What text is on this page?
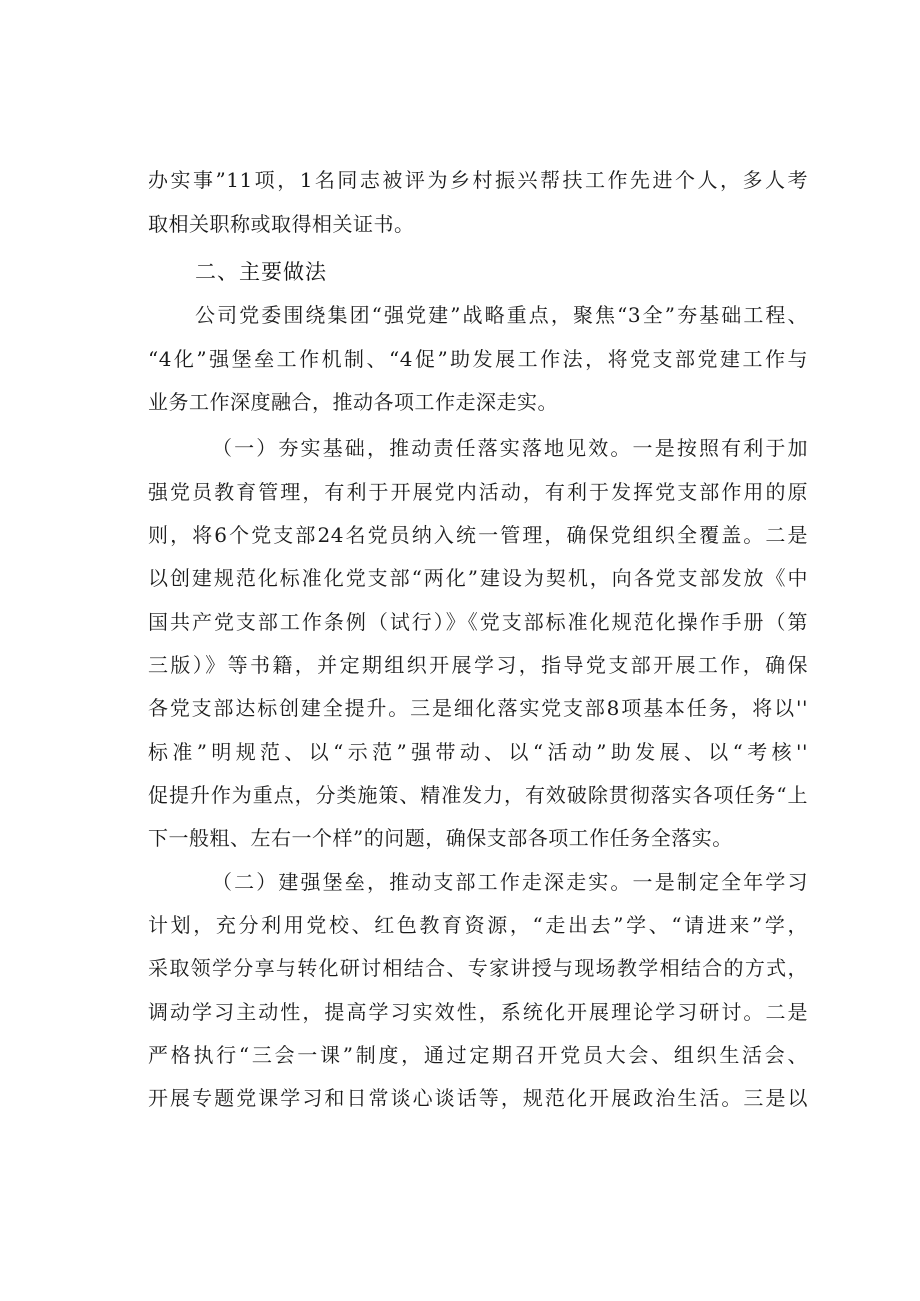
办实事”11项，1名同志被评为乡村振兴帮扶工作先进个人，多人考
取相关职称或取得相关证书。
二、主要做法
公司党委围绕集团“强党建”战略重点，聚焦“3全”夯基础工程、
“4化”强堡垒工作机制、“4促”助发展工作法，将党支部党建工作与
业务工作深度融合，推动各项工作走深走实。
（一）夯实基础，推动责任落实落地见效。一是按照有利于加
强党员教育管理，有利于开展党内活动，有利于发挥党支部作用的原
则，将6个党支部24名党员纳入统一管理，确保党组织全覆盖。二是
以创建规范化标准化党支部“两化”建设为契机，向各党支部发放《中
国共产党支部工作条例（试行）》《党支部标准化规范化操作手册（第
三版）》等书籍，并定期组织开展学习，指导党支部开展工作，确保
各党支部达标创建全提升。三是细化落实党支部8项基本任务，将以''
标准”明规范、以“示范”强带动、以“活动”助发展、以“考核''
促提升作为重点，分类施策、精准发力，有效破除贯彻落实各项任务“上
下一般粗、左右一个样”的问题，确保支部各项工作任务全落实。
（二）建强堡垒，推动支部工作走深走实。一是制定全年学习
计划，充分利用党校、红色教育资源，“走出去”学、“请进来”学，
采取领学分享与转化研讨相结合、专家讲授与现场教学相结合的方式，
调动学习主动性，提高学习实效性，系统化开展理论学习研讨。二是
严格执行“三会一课”制度，通过定期召开党员大会、组织生活会、
开展专题党课学习和日常谈心谈话等，规范化开展政治生活。三是以
